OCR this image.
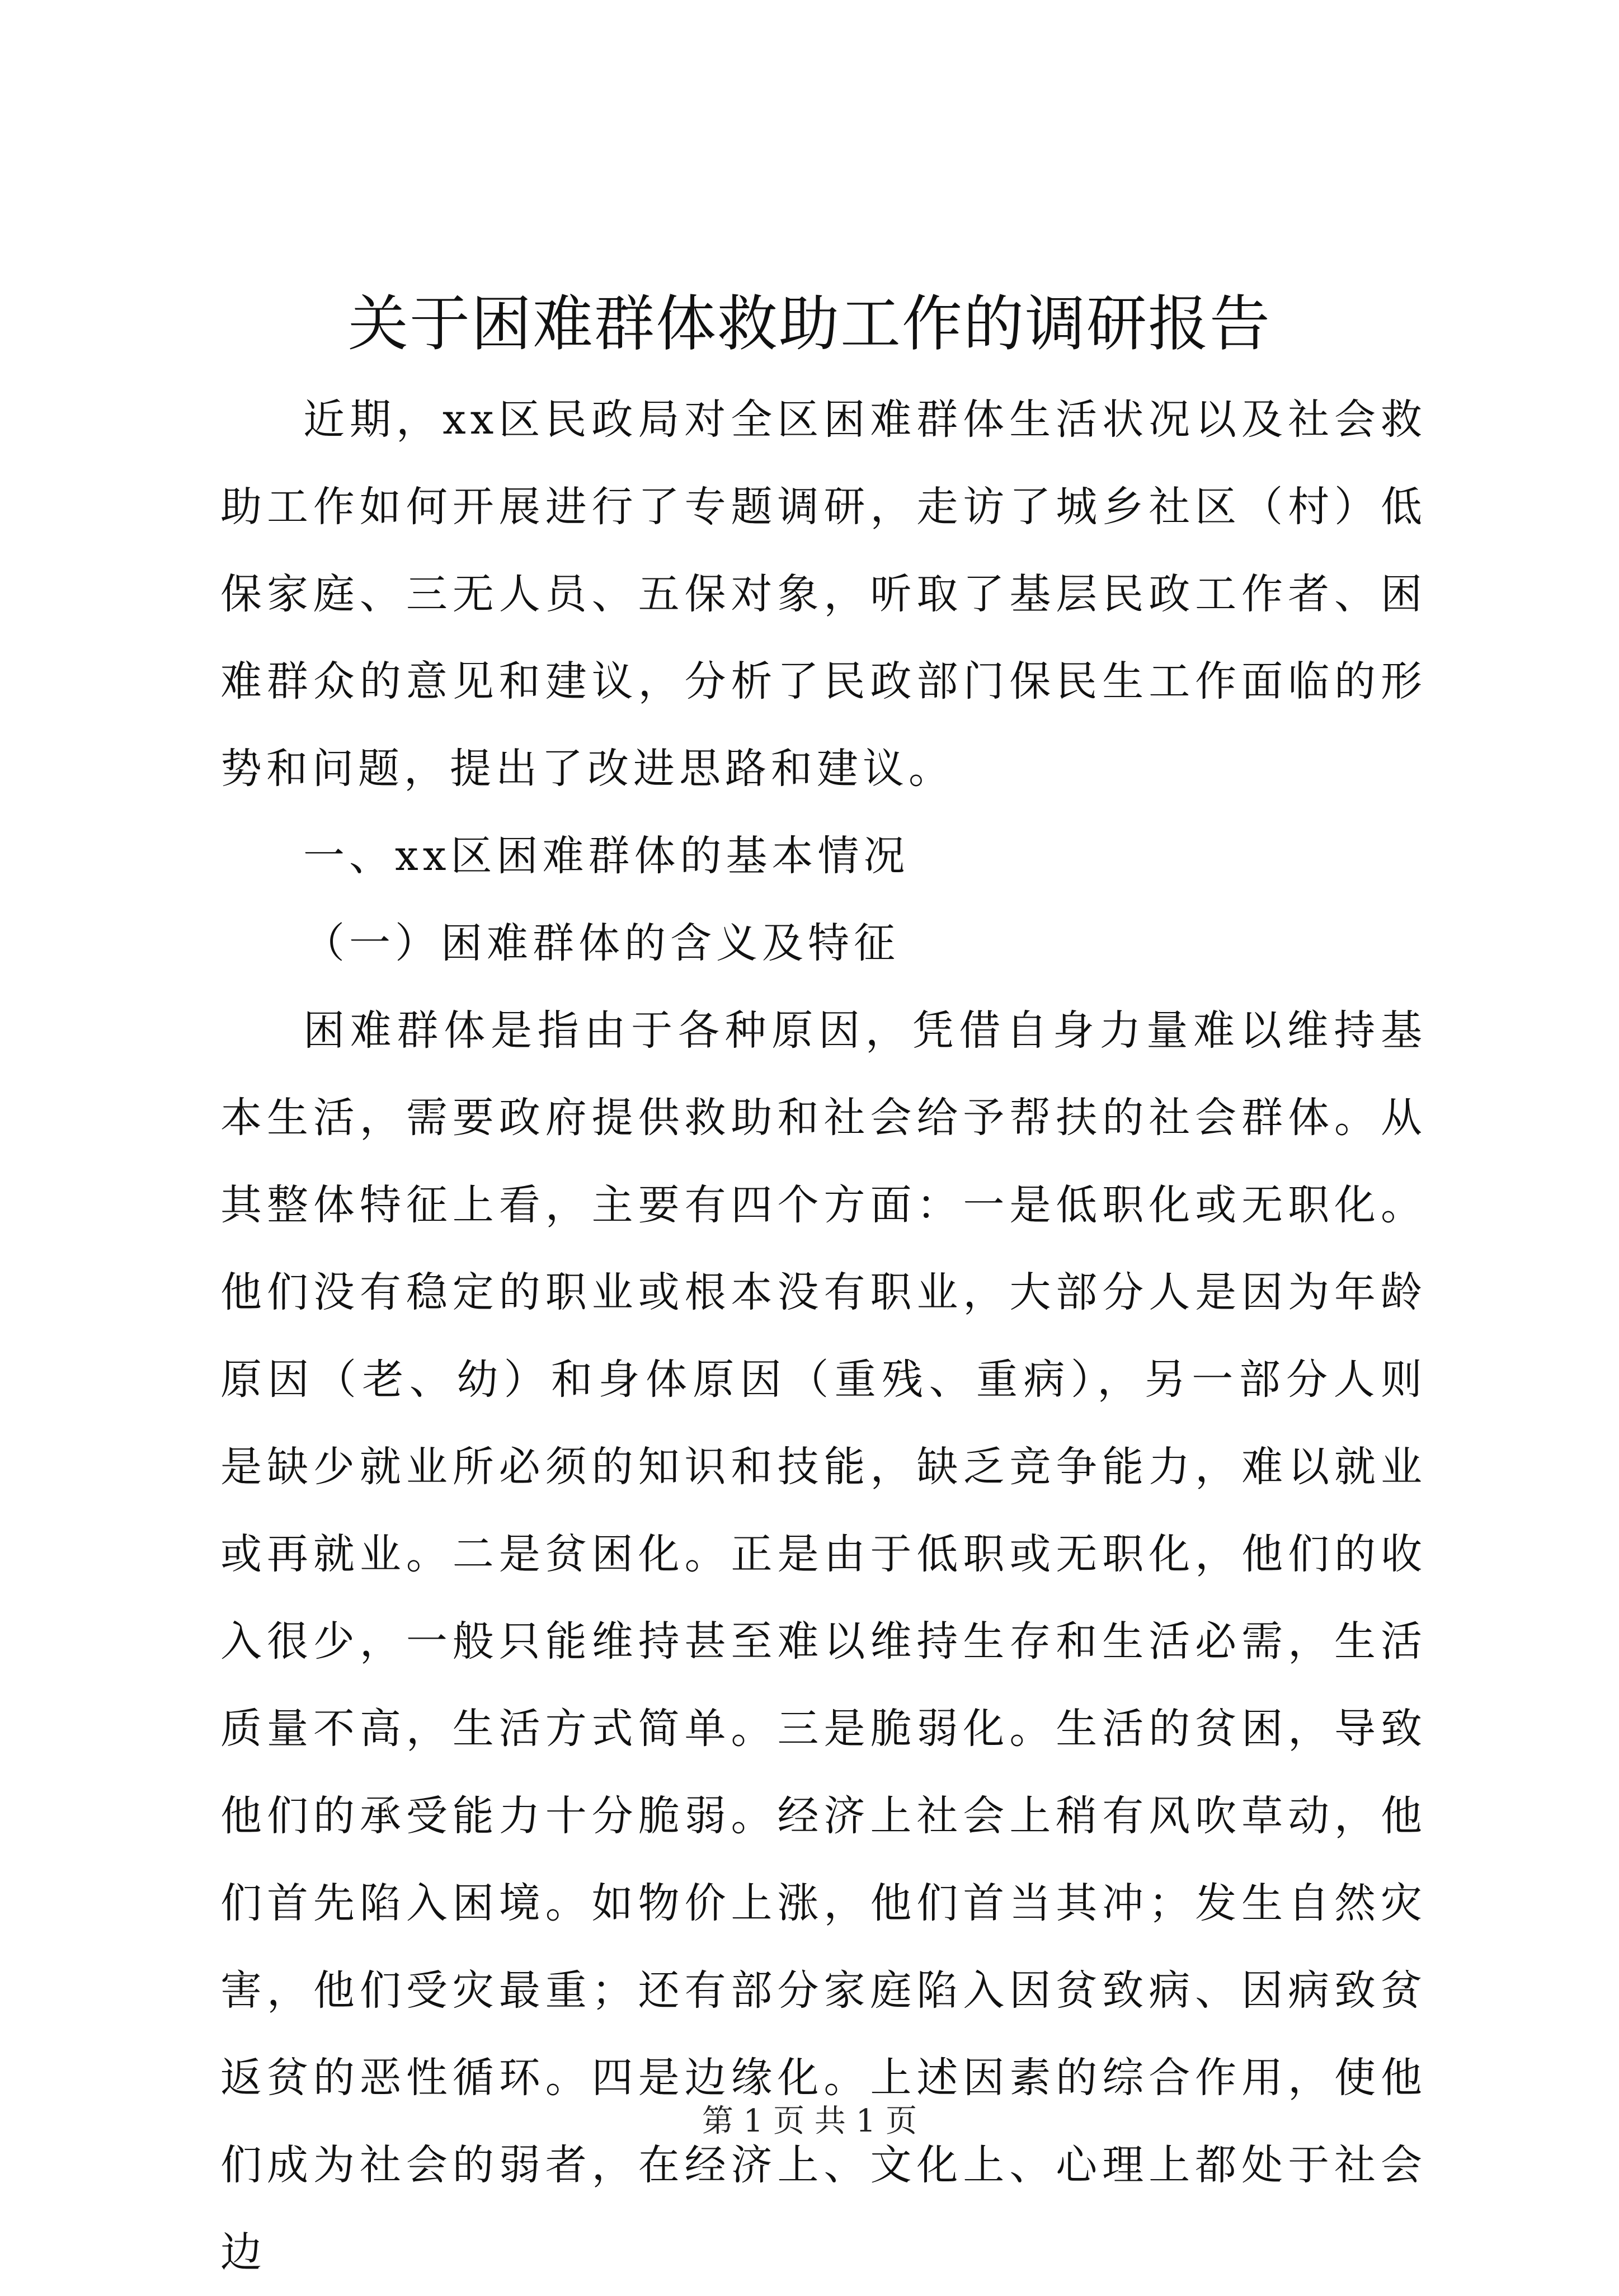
关于困难群体救助工作的调研报告

近期，xx区民政局对全区困难群体生活状况以及社会救助工作如何开展进行了专题调研，走访了城乡社区（村）低保家庭、三无人员、五保对象，听取了基层民政工作者、困难群众的意见和建议，分析了民政部门保民生工作面临的形势和问题，提出了改进思路和建议。

一、xx区困难群体的基本情况

（一）困难群体的含义及特征

困难群体是指由于各种原因，凭借自身力量难以维持基本生活，需要政府提供救助和社会给予帮扶的社会群体。从其整体特征上看，主要有四个方面：一是低职化或无职化。他们没有稳定的职业或根本没有职业，大部分人是因为年龄原因（老、幼）和身体原因（重残、重病），另一部分人则是缺少就业所必须的知识和技能，缺乏竞争能力，难以就业或再就业。二是贫困化。正是由于低职或无职化，他们的收入很少，一般只能维持甚至难以维持生存和生活必需，生活质量不高，生活方式简单。三是脆弱化。生活的贫困，导致他们的承受能力十分脆弱。经济上社会上稍有风吹草动，他们首先陷入困境。如物价上涨，他们首当其冲；发生自然灾害，他们受灾最重；还有部分家庭陷入因贫致病、因病致贫返贫的恶性循环。四是边缘化。上述因素的综合作用，使他们成为社会的弱者，在经济上、文化上、心理上都处于社会边

第 1 页 共 1 页
